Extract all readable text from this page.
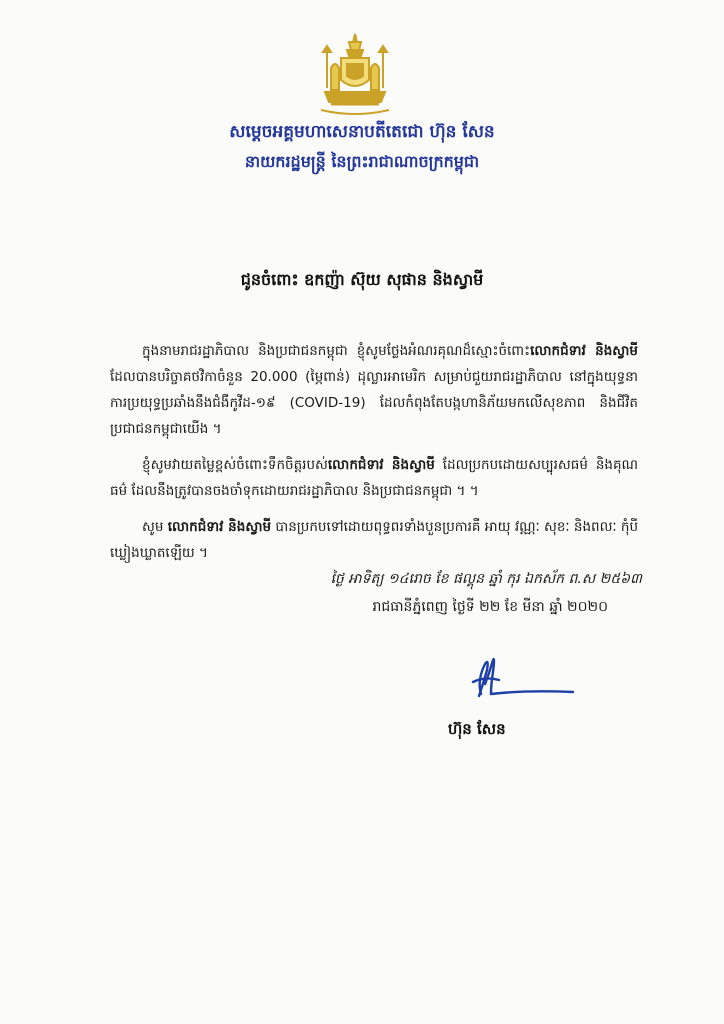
សម្តេចអគ្គមហាសេនាបតីតេជោ ហ៊ុន សែន
នាយករដ្ឋមន្ត្រី នៃព្រះរាជាណាចក្រកម្ពុជា
ជូនចំពោះ ឧកញ៉ា ស៊ុយ សុផាន និងស្វាមី

ក្នុងនាមរាជរដ្ឋាភិបាល និងប្រជាជនកម្ពុជា ខ្ញុំសូមថ្លែងអំណរគុណដ៏ស្មោះចំពោះលោកជំទាវ និងស្វាមី ដែលបានបរិច្ចាគថវិកាចំនួន 20.000 (ម្ភៃពាន់) ដុល្លារអាមេរិក សម្រាប់ជួយរាជរដ្ឋាភិបាល នៅក្នុងយុទ្ធនាការប្រយុទ្ធប្រឆាំងនឹងជំងឺកូវីដ-១៩ (COVID-19) ដែលកំពុងតែបង្កហានិភ័យមកលើសុខភាព និងជីវិតប្រជាជនកម្ពុជាយើង ។

ខ្ញុំសូមវាយតម្លៃខ្ពស់ចំពោះទឹកចិត្តរបស់លោកជំទាវ និងស្វាមី ដែលប្រកបដោយសប្បុរសធម៌ និងគុណធម៌ ដែលនឹងត្រូវបានចងចាំទុកដោយរាជរដ្ឋាភិបាល និងប្រជាជនកម្ពុជា ។ ។

សូម លោកជំទាវ និងស្វាមី បានប្រកបទៅដោយពុទ្ធពរទាំងបួនប្រការគឺ អាយុ វណ្ណៈ សុខៈ និងពលៈ កុំបីឃ្លៀងឃ្លាតឡើយ ។

ថ្ងៃ អាទិត្យ ១៤រោច ខែ ផល្គុន ឆ្នាំ កុរ ឯកស័ក ព.ស ២៥៦៣
រាជធានីភ្នំពេញ ថ្ងៃទី ២២ ខែ មីនា ឆ្នាំ ២០២០
ហ៊ុន សែន
